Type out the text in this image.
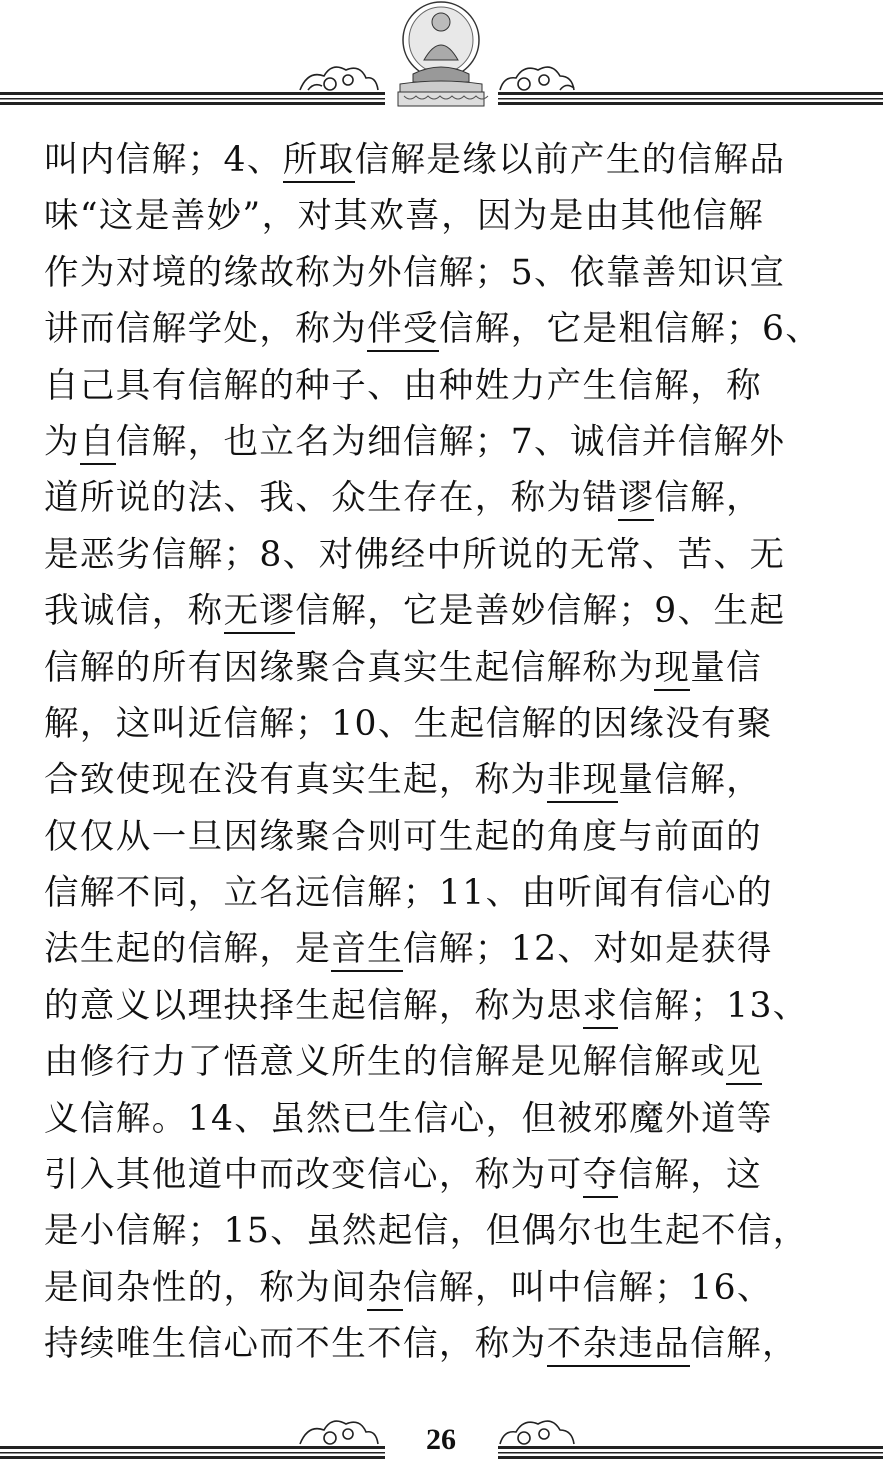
叫内信解；4、所取信解是缘以前产生的信解品
味“这是善妙”，对其欢喜，因为是由其他信解
作为对境的缘故称为外信解；5、依靠善知识宣
讲而信解学处，称为伴受信解，它是粗信解；6、
自己具有信解的种子、由种姓力产生信解，称
为自信解，也立名为细信解；7、诚信并信解外
道所说的法、我、众生存在，称为错谬信解，
是恶劣信解；8、对佛经中所说的无常、苦、无
我诚信，称无谬信解，它是善妙信解；9、生起
信解的所有因缘聚合真实生起信解称为现量信
解，这叫近信解；10、生起信解的因缘没有聚
合致使现在没有真实生起，称为非现量信解，
仅仅从一旦因缘聚合则可生起的角度与前面的
信解不同，立名远信解；11、由听闻有信心的
法生起的信解，是音生信解；12、对如是获得
的意义以理抉择生起信解，称为思求信解；13、
由修行力了悟意义所生的信解是见解信解或见
义信解。14、虽然已生信心，但被邪魔外道等
引入其他道中而改变信心，称为可夺信解，这
是小信解；15、虽然起信，但偶尔也生起不信，
是间杂性的，称为间杂信解，叫中信解；16、
持续唯生信心而不生不信，称为不杂违品信解，
26
